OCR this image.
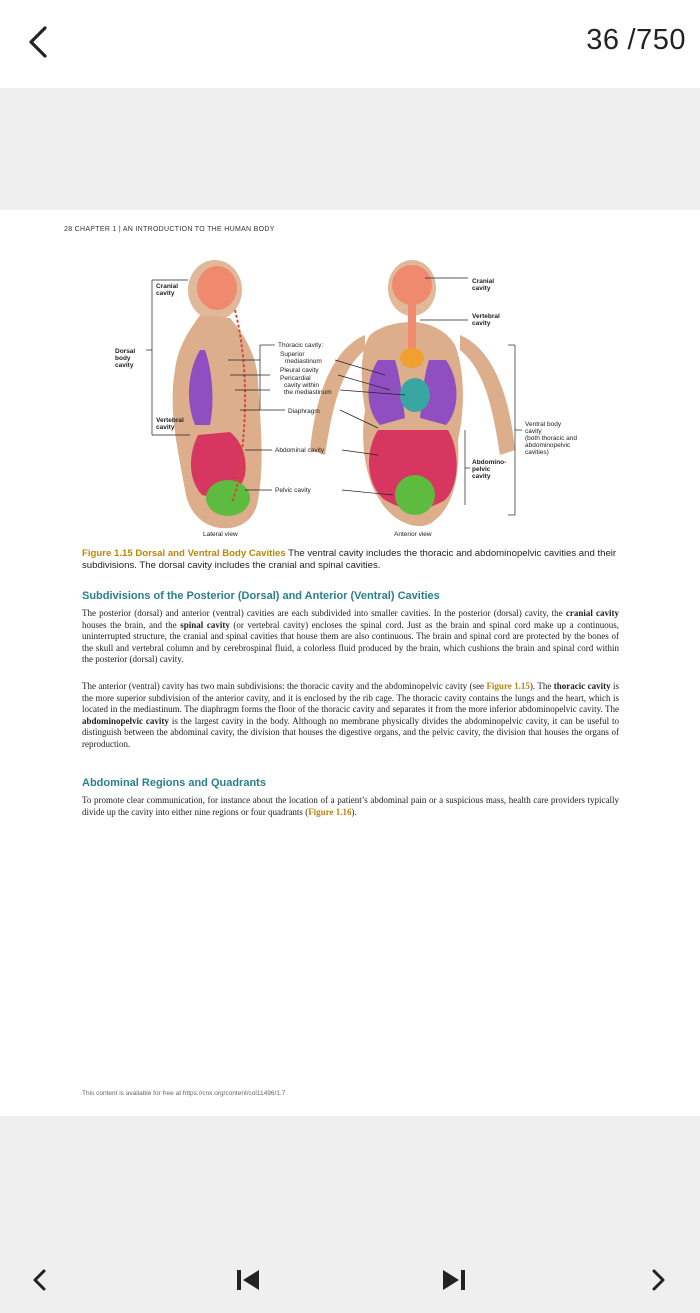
36 /750
28 CHAPTER 1 | AN INTRODUCTION TO THE HUMAN BODY
Cranial cavity
Dorsal body cavity
Vertebral cavity
Thoracic cavity:
Superior mediastinum
Pleural cavity
Pericardial cavity within the mediastinum
Diaphragm
Abdominal cavity
Pelvic cavity
Cranial cavity
Vertebral cavity
Ventral body cavity (both thoracic and abdominopelvic cavities)
Abdomino-pelvic cavity
Lateral view	Anterior view
Figure 1.15 Dorsal and Ventral Body Cavities The ventral cavity includes the thoracic and abdominopelvic cavities and their subdivisions. The dorsal cavity includes the cranial and spinal cavities.
Subdivisions of the Posterior (Dorsal) and Anterior (Ventral) Cavities
The posterior (dorsal) and anterior (ventral) cavities are each subdivided into smaller cavities. In the posterior (dorsal) cavity, the cranial cavity houses the brain, and the spinal cavity (or vertebral cavity) encloses the spinal cord. Just as the brain and spinal cord make up a continuous, uninterrupted structure, the cranial and spinal cavities that house them are also continuous. The brain and spinal cord are protected by the bones of the skull and vertebral column and by cerebrospinal fluid, a colorless fluid produced by the brain, which cushions the brain and spinal cord within the posterior (dorsal) cavity.
The anterior (ventral) cavity has two main subdivisions: the thoracic cavity and the abdominopelvic cavity (see Figure 1.15). The thoracic cavity is the more superior subdivision of the anterior cavity, and it is enclosed by the rib cage. The thoracic cavity contains the lungs and the heart, which is located in the mediastinum. The diaphragm forms the floor of the thoracic cavity and separates it from the more inferior abdominopelvic cavity. The abdominopelvic cavity is the largest cavity in the body. Although no membrane physically divides the abdominopelvic cavity, it can be useful to distinguish between the abdominal cavity, the division that houses the digestive organs, and the pelvic cavity, the division that houses the organs of reproduction.
Abdominal Regions and Quadrants
To promote clear communication, for instance about the location of a patient’s abdominal pain or a suspicious mass, health care providers typically divide up the cavity into either nine regions or four quadrants (Figure 1.16).
This content is available for free at https://cnx.org/content/col11496/1.7
